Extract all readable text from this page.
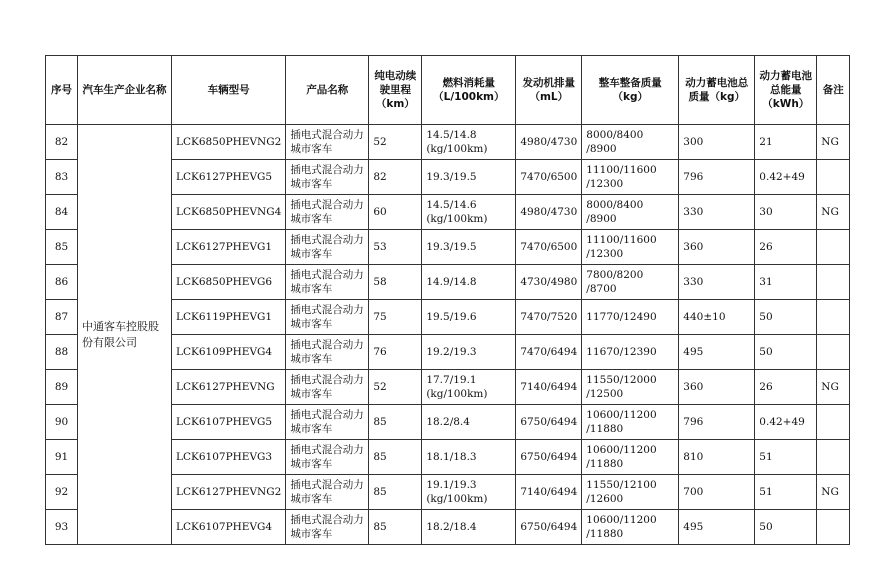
序号	汽车生产企业名称	车辆型号	产品名称	纯电动续驶里程（km）	燃料消耗量（L/100km）	发动机排量（mL）	整车整备质量（kg）	动力蓄电池总质量（kg）	动力蓄电池总能量（kWh）	备注
82	中通客车控股股份有限公司	LCK6850PHEVNG2	插电式混合动力城市客车	52	14.5/14.8 (kg/100km)	4980/4730	8000/8400 /8900	300	21	NG
83		LCK6127PHEVG5	插电式混合动力城市客车	82	19.3/19.5	7470/6500	11100/11600 /12300	796	0.42+49	
84		LCK6850PHEVNG4	插电式混合动力城市客车	60	14.5/14.6 (kg/100km)	4980/4730	8000/8400 /8900	330	30	NG
85		LCK6127PHEVG1	插电式混合动力城市客车	53	19.3/19.5	7470/6500	11100/11600 /12300	360	26	
86		LCK6850PHEVG6	插电式混合动力城市客车	58	14.9/14.8	4730/4980	7800/8200 /8700	330	31	
87		LCK6119PHEVG1	插电式混合动力城市客车	75	19.5/19.6	7470/7520	11770/12490	440±10	50	
88		LCK6109PHEVG4	插电式混合动力城市客车	76	19.2/19.3	7470/6494	11670/12390	495	50	
89		LCK6127PHEVNG	插电式混合动力城市客车	52	17.7/19.1 (kg/100km)	7140/6494	11550/12000 /12500	360	26	NG
90		LCK6107PHEVG5	插电式混合动力城市客车	85	18.2/8.4	6750/6494	10600/11200 /11880	796	0.42+49	
91		LCK6107PHEVG3	插电式混合动力城市客车	85	18.1/18.3	6750/6494	10600/11200 /11880	810	51	
92		LCK6127PHEVNG2	插电式混合动力城市客车	85	19.1/19.3 (kg/100km)	7140/6494	11550/12100 /12600	700	51	NG
93		LCK6107PHEVG4	插电式混合动力城市客车	85	18.2/18.4	6750/6494	10600/11200 /11880	495	50	
